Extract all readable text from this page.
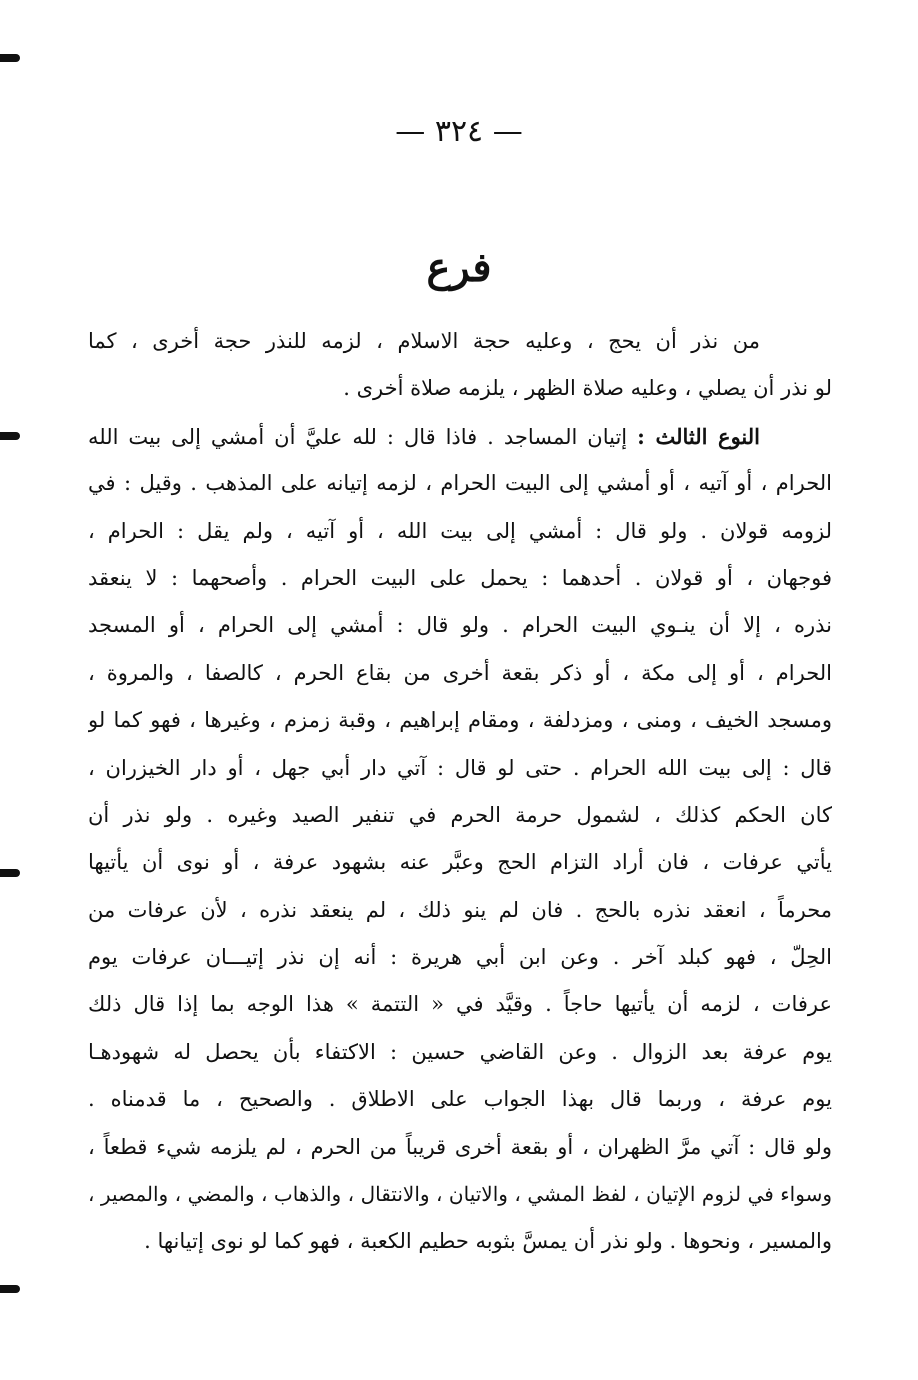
— ٣٢٤ —
فرع
من نذر أن يحج ، وعليه حجة الاسلام ، لزمه للنذر حجة أخرى ، كما
لو نذر أن يصلي ، وعليه صلاة الظهر ، يلزمه صلاة أخرى .
النوع الثالث : إتيان المساجد . فاذا قال : لله عليَّ أن أمشي إلى بيت الله
الحرام ، أو آتيه ، أو أمشي إلى البيت الحرام ، لزمه إتيانه على المذهب . وقيل : في
لزومه قولان . ولو قال : أمشي إلى بيت الله ، أو آتيه ، ولم يقل : الحرام ،
فوجهان ، أو قولان . أحدهما : يحمل على البيت الحرام . وأصحهما : لا ينعقد
نذره ، إلا أن ينـوي البيت الحرام . ولو قال : أمشي إلى الحرام ، أو المسجد
الحرام ، أو إلى مكة ، أو ذكر بقعة أخرى من بقاع الحرم ، كالصفا ، والمروة ،
ومسجد الخيف ، ومنى ، ومزدلفة ، ومقام إبراهيم ، وقبة زمزم ، وغيرها ، فهو كما لو
قال : إلى بيت الله الحرام . حتى لو قال : آتي دار أبي جهل ، أو دار الخيزران ،
كان الحكم كذلك ، لشمول حرمة الحرم في تنفير الصيد وغيره . ولو نذر أن
يأتي عرفات ، فان أراد التزام الحج وعبَّر عنه بشهود عرفة ، أو نوى أن يأتيها
محرماً ، انعقد نذره بالحج . فان لم ينو ذلك ، لم ينعقد نذره ، لأن عرفات من
الحِلّ ، فهو كبلد آخر . وعن ابن أبي هريرة : أنه إن نذر إتيـــان عرفات يوم
عرفات ، لزمه أن يأتيها حاجاً . وقيَّد في « التتمة » هذا الوجه بما إذا قال ذلك
يوم عرفة بعد الزوال . وعن القاضي حسين : الاكتفاء بأن يحصل له شهودهـا
يوم عرفة ، وربما قال بهذا الجواب على الاطلاق . والصحيح ، ما قدمناه .
ولو قال : آتي مرَّ الظهران ، أو بقعة أخرى قريباً من الحرم ، لم يلزمه شيء قطعاً ،
وسواء في لزوم الإتيان ، لفظ المشي ، والاتيان ، والانتقال ، والذهاب ، والمضي ، والمصير ،
والمسير ، ونحوها . ولو نذر أن يمسَّ بثوبه حطيم الكعبة ، فهو كما لو نوى إتيانها .
